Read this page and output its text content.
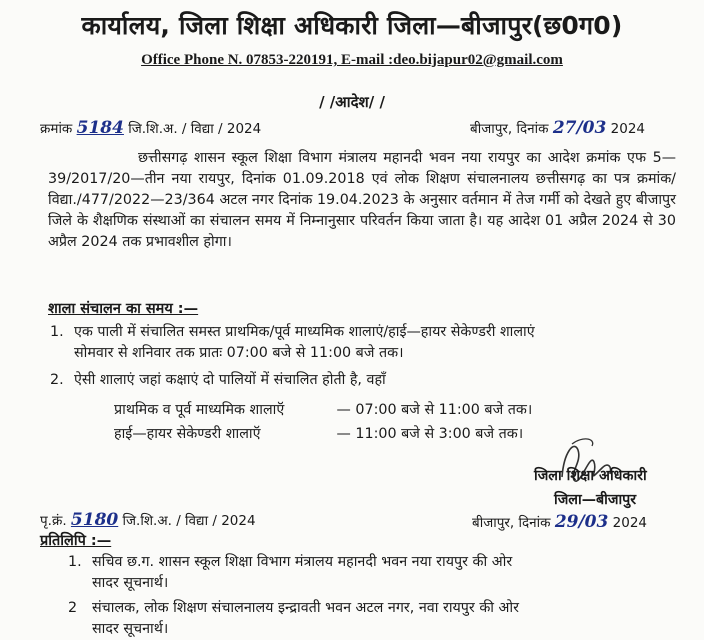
कार्यालय, जिला शिक्षा अधिकारी जिला—बीजापुर(छ0ग0)
Office Phone N. 07853-220191, E-mail :deo.bijapur02@gmail.com
/ /आदेश/ /
क्रमांक 5184 जि.शि.अ. / विद्या / 2024	बीजापुर, दिनांक 27/03 2024
छत्तीसगढ़ शासन स्कूल शिक्षा विभाग मंत्रालय महानदी भवन नया रायपुर का आदेश क्रमांक एफ 5—39/2017/20—तीन नया रायपुर, दिनांक 01.09.2018 एवं लोक शिक्षण संचालनालय छत्तीसगढ़ का पत्र क्रमांक/विद्या./477/2022—23/364 अटल नगर दिनांक 19.04.2023 के अनुसार वर्तमान में तेज गर्मी को देखते हुए बीजापुर जिले के शैक्षणिक संस्थाओं का संचालन समय में निम्नानुसार परिवर्तन किया जाता है। यह आदेश 01 अप्रैल 2024 से 30 अप्रैल 2024 तक प्रभावशील होगा।
शाला संचालन का समय :—
1. एक पाली में संचालित समस्त प्राथमिक/पूर्व माध्यमिक शालाएं/हाई—हायर सेकेण्डरी शालाएं
सोमवार से शनिवार तक प्रातः 07:00 बजे से 11:00 बजे तक।
2. ऐसी शालाएं जहां कक्षाएं दो पालियों में संचालित होती है, वहाँ
प्राथमिक व पूर्व माध्यमिक शालाऍ	— 07:00 बजे से 11:00 बजे तक।
हाई—हायर सेकेण्डरी शालाऍ	— 11:00 बजे से 3:00 बजे तक।
जिला शिक्षा अधिकारी
जिला—बीजापुर
पृ.क्रं. 5180 जि.शि.अ. / विद्या / 2024	बीजापुर, दिनांक 29/03 2024
प्रतिलिपि :—
1. सचिव छ.ग. शासन स्कूल शिक्षा विभाग मंत्रालय महानदी भवन नया रायपुर की ओर
सादर सूचनार्थ।
2	संचालक, लोक शिक्षण संचालनालय इन्द्रावती भवन अटल नगर, नवा रायपुर की ओर
सादर सूचनार्थ।
